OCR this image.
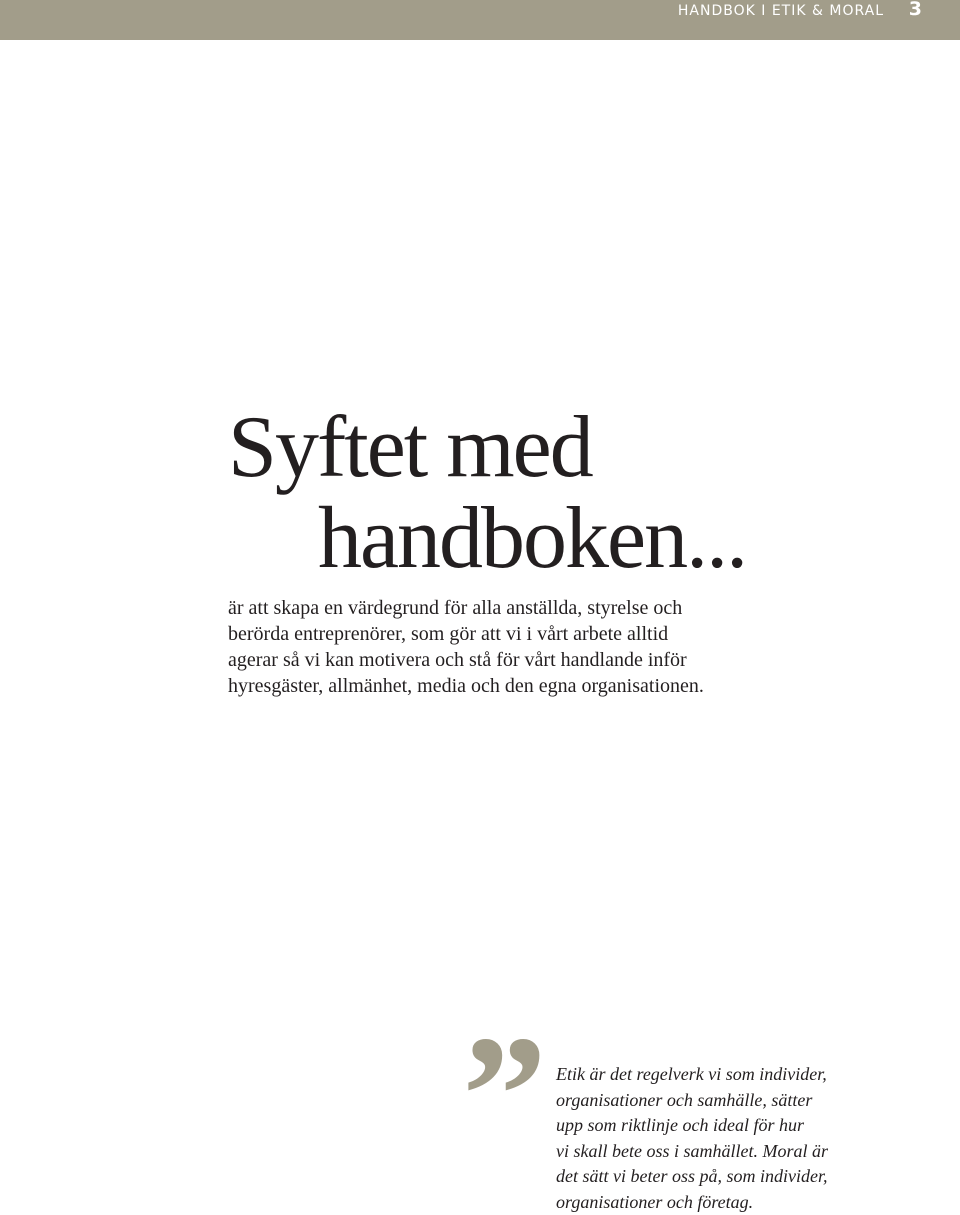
HANDBOK I ETIK & MORAL 3
Syftet med
handboken...

är att skapa en värdegrund för alla anställda, styrelse och
berörda entreprenörer, som gör att vi i vårt arbete alltid
agerar så vi kan motivera och stå för vårt handlande inför
hyresgäster, allmänhet, media och den egna organisationen.

” Etik är det regelverk vi som individer,
organisationer och samhälle, sätter
upp som riktlinje och ideal för hur
vi skall bete oss i samhället. Moral är
det sätt vi beter oss på, som individer,
organisationer och företag.
